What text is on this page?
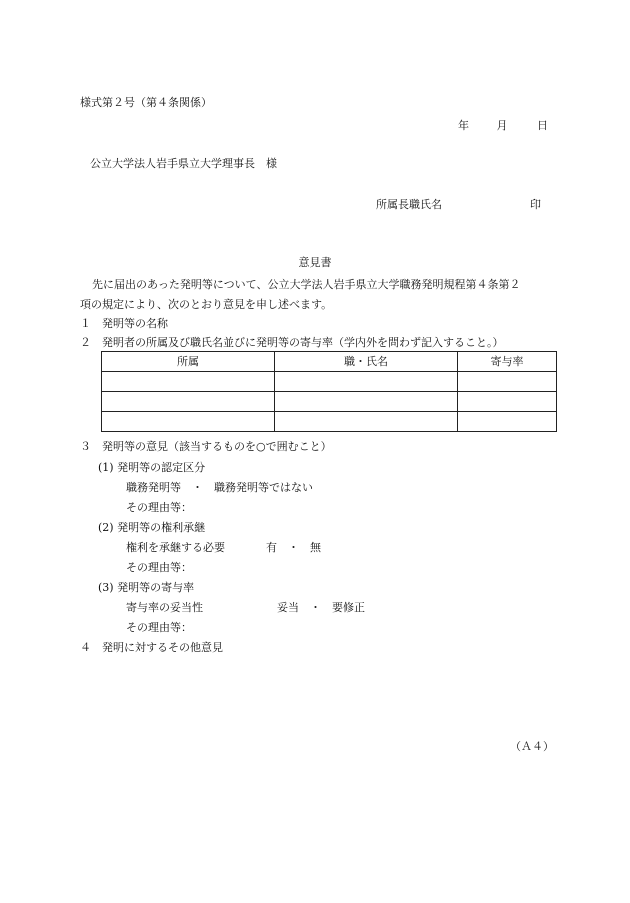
様式第２号（第４条関係）
年	月	日
公立大学法人岩手県立大学理事長　様
所属長職氏名	印
意見書

先に届出のあった発明等について、公立大学法人岩手県立大学職務発明規程第４条第２

項の規定により、次のとおり意見を申し述べます。

１ 発明等の名称
２ 発明者の所属及び職氏名並びに発明等の寄与率（学内外を問わず記入すること。）
所属	職・氏名	寄与率

３ 発明等の意見（該当するものを○で囲むこと）
(1) 発明等の認定区分
職務発明等　・　職務発明等ではない
その理由等：
(2) 発明等の権利承継
権利を承継する必要	有　・　無
その理由等：
(3) 発明等の寄与率
寄与率の妥当性	妥当　・　要修正
その理由等：
４ 発明に対するその他意見
（Ａ４）
